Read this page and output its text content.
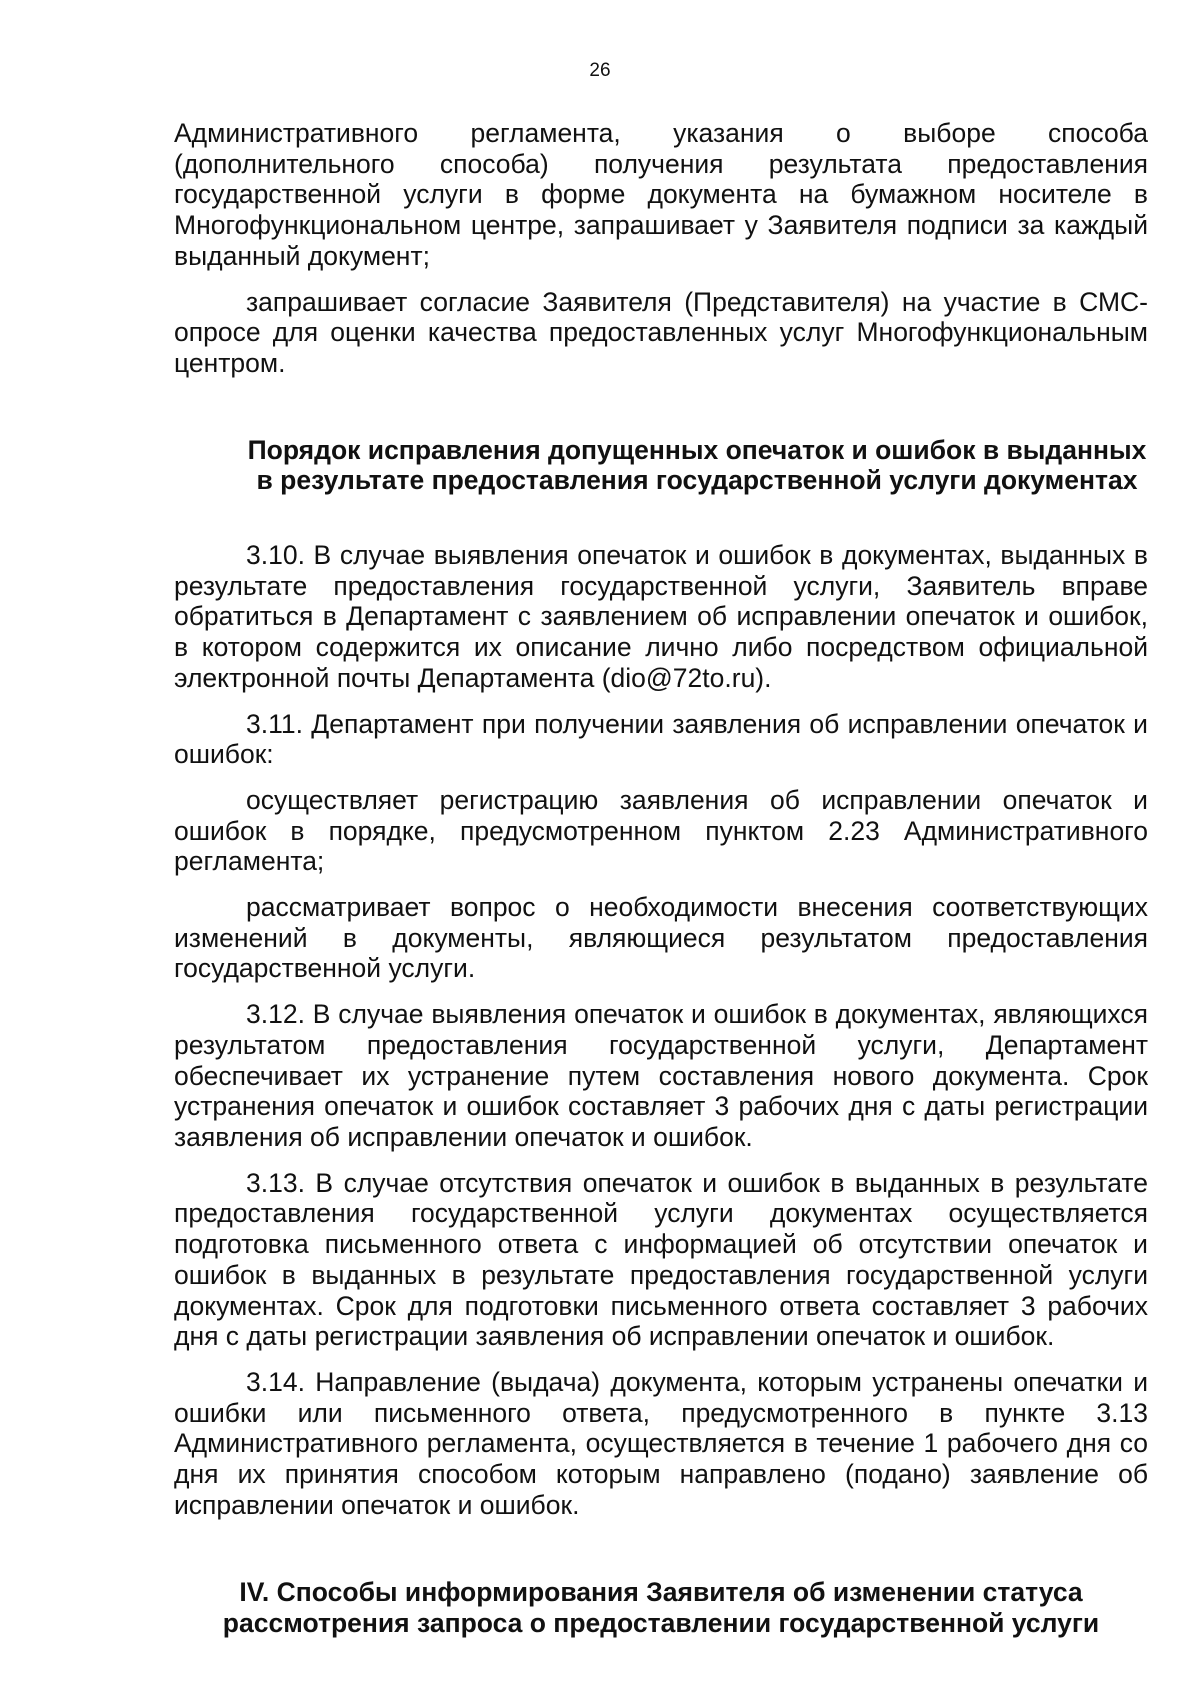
26

Административного регламента, указания о выборе способа (дополнительного способа) получения результата предоставления государственной услуги в форме документа на бумажном носителе в Многофункциональном центре, запрашивает у Заявителя подписи за каждый выданный документ;

запрашивает согласие Заявителя (Представителя) на участие в СМС-опросе для оценки качества предоставленных услуг Многофункциональным центром.

Порядок исправления допущенных опечаток и ошибок в выданных в результате предоставления государственной услуги документах

3.10. В случае выявления опечаток и ошибок в документах, выданных в результате предоставления государственной услуги, Заявитель вправе обратиться в Департамент с заявлением об исправлении опечаток и ошибок, в котором содержится их описание лично либо посредством официальной электронной почты Департамента (dio@72to.ru).

3.11. Департамент при получении заявления об исправлении опечаток и ошибок:

осуществляет регистрацию заявления об исправлении опечаток и ошибок в порядке, предусмотренном пунктом 2.23 Административного регламента;

рассматривает вопрос о необходимости внесения соответствующих изменений в документы, являющиеся результатом предоставления государственной услуги.

3.12. В случае выявления опечаток и ошибок в документах, являющихся результатом предоставления государственной услуги, Департамент обеспечивает их устранение путем составления нового документа. Срок устранения опечаток и ошибок составляет 3 рабочих дня с даты регистрации заявления об исправлении опечаток и ошибок.

3.13. В случае отсутствия опечаток и ошибок в выданных в результате предоставления государственной услуги документах осуществляется подготовка письменного ответа с информацией об отсутствии опечаток и ошибок в выданных в результате предоставления государственной услуги документах. Срок для подготовки письменного ответа составляет 3 рабочих дня с даты регистрации заявления об исправлении опечаток и ошибок.

3.14. Направление (выдача) документа, которым устранены опечатки и ошибки или письменного ответа, предусмотренного в пункте 3.13 Административного регламента, осуществляется в течение 1 рабочего дня со дня их принятия способом которым направлено (подано) заявление об исправлении опечаток и ошибок.

IV. Способы информирования Заявителя об изменении статуса рассмотрения запроса о предоставлении государственной услуги
